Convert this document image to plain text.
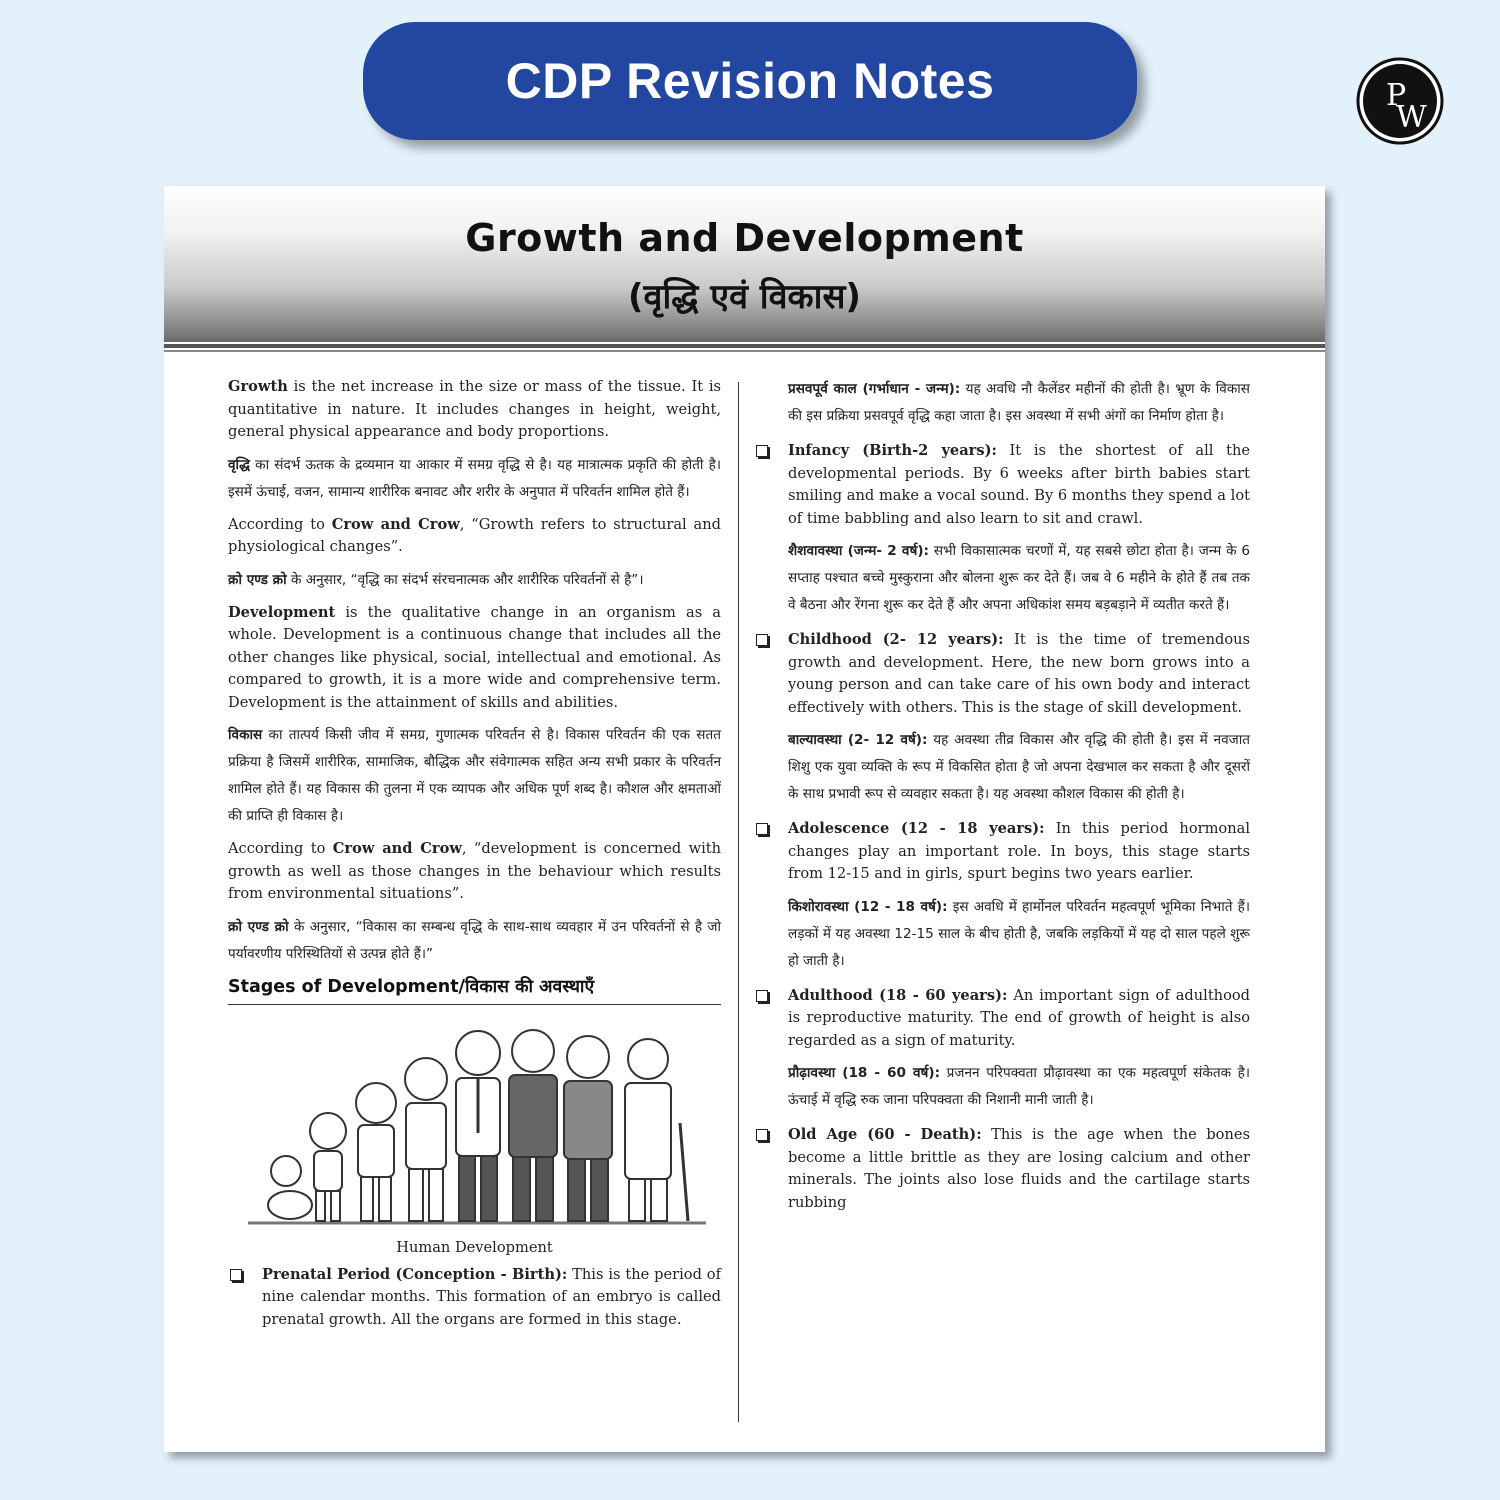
CDP Revision Notes	P
W
Growth and Development
(वृद्धि एवं विकास)

Growth is the net increase in the size or mass of the tissue. It is quantitative in nature. It includes changes in height, weight, general physical appearance and body proportions.

वृद्धि का संदर्भ ऊतक के द्रव्यमान या आकार में समग्र वृद्धि से है। यह मात्रात्मक प्रकृति की होती है। इसमें ऊंचाई, वजन, सामान्य शारीरिक बनावट और शरीर के अनुपात में परिवर्तन शामिल होते हैं।

According to Crow and Crow, “Growth refers to structural and physiological changes”.

क्रो एण्ड क्रो के अनुसार, “वृद्धि का संदर्भ संरचनात्मक और शारीरिक परिवर्तनों से है”।

Development is the qualitative change in an organism as a whole. Development is a continuous change that includes all the other changes like physical, social, intellectual and emotional. As compared to growth, it is a more wide and comprehensive term. Development is the attainment of skills and abilities.

विकास का तात्पर्य किसी जीव में समग्र, गुणात्मक परिवर्तन से है। विकास परिवर्तन की एक सतत प्रक्रिया है जिसमें शारीरिक, सामाजिक, बौद्धिक और संवेगात्मक सहित अन्य सभी प्रकार के परिवर्तन शामिल होते हैं। यह विकास की तुलना में एक व्यापक और अधिक पूर्ण शब्द है। कौशल और क्षमताओं की प्राप्ति ही विकास है।

According to Crow and Crow, “development is concerned with growth as well as those changes in the behaviour which results from environmental situations”.

क्रो एण्ड क्रो के अनुसार, “विकास का सम्बन्ध वृद्धि के साथ-साथ व्यवहार में उन परिवर्तनों से है जो पर्यावरणीय परिस्थितियों से उत्पन्न होते हैं।”

Stages of Development/विकास की अवस्थाएँ
Human Development
Prenatal Period (Conception - Birth): This is the period of nine calendar months. This formation of an embryo is called prenatal growth. All the organs are formed in this stage.

प्रसवपूर्व काल (गर्भाधान - जन्म): यह अवधि नौ कैलेंडर महीनों की होती है। भ्रूण के विकास की इस प्रक्रिया प्रसवपूर्व वृद्धि कहा जाता है। इस अवस्था में सभी अंगों का निर्माण होता है।

Infancy (Birth-2 years): It is the shortest of all the developmental periods. By 6 weeks after birth babies start smiling and make a vocal sound. By 6 months they spend a lot of time babbling and also learn to sit and crawl.

शैशवावस्था (जन्म- 2 वर्ष): सभी विकासात्मक चरणों में, यह सबसे छोटा होता है। जन्म के 6 सप्ताह पश्चात बच्चे मुस्कुराना और बोलना शुरू कर देते हैं। जब वे 6 महीने के होते हैं तब तक वे बैठना और रेंगना शुरू कर देते हैं और अपना अधिकांश समय बड़बड़ाने में व्यतीत करते हैं।

Childhood (2- 12 years): It is the time of tremendous growth and development. Here, the new born grows into a young person and can take care of his own body and interact effectively with others. This is the stage of skill development.

बाल्यावस्था (2- 12 वर्ष): यह अवस्था तीव्र विकास और वृद्धि की होती है। इस में नवजात शिशु एक युवा व्यक्ति के रूप में विकसित होता है जो अपना देखभाल कर सकता है और दूसरों के साथ प्रभावी रूप से व्यवहार सकता है। यह अवस्था कौशल विकास की होती है।

Adolescence (12 - 18 years): In this period hormonal changes play an important role. In boys, this stage starts from 12-15 and in girls, spurt begins two years earlier.

किशोरावस्था (12 - 18 वर्ष): इस अवधि में हार्मोनल परिवर्तन महत्वपूर्ण भूमिका निभाते हैं। लड़कों में यह अवस्था 12-15 साल के बीच होती है, जबकि लड़कियों में यह दो साल पहले शुरू हो जाती है।

Adulthood (18 - 60 years): An important sign of adulthood is reproductive maturity. The end of growth of height is also regarded as a sign of maturity.

प्रौढ़ावस्था (18 - 60 वर्ष): प्रजनन परिपक्वता प्रौढ़ावस्था का एक महत्वपूर्ण संकेतक है। ऊंचाई में वृद्धि रुक जाना परिपक्वता की निशानी मानी जाती है।

Old Age (60 - Death): This is the age when the bones become a little brittle as they are losing calcium and other minerals. The joints also lose fluids and the cartilage starts rubbing
